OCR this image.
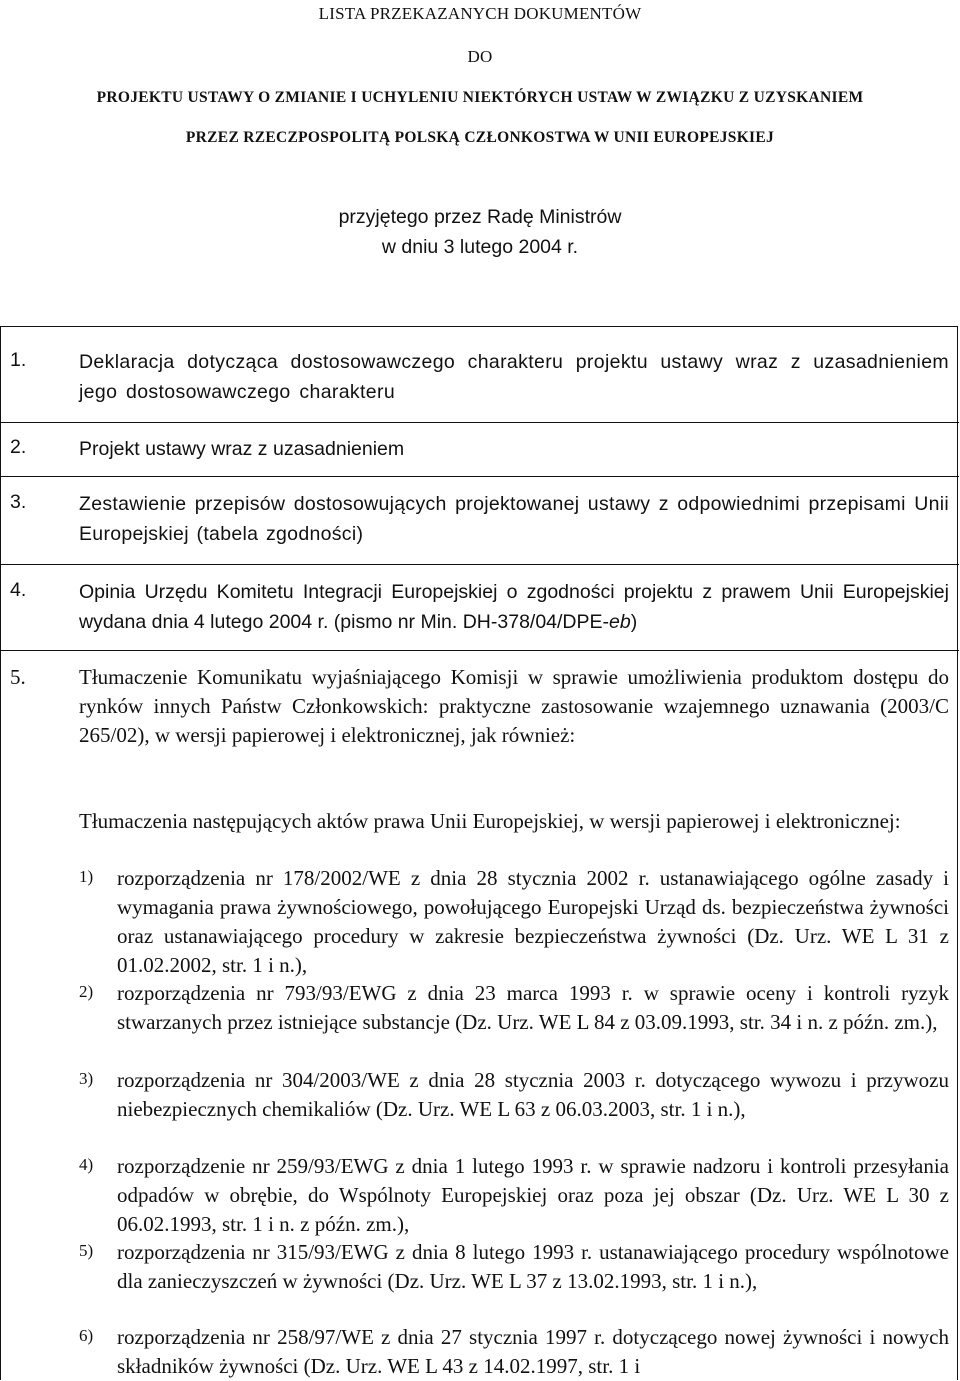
LISTA PRZEKAZANYCH DOKUMENTÓW
DO
PROJEKTU USTAWY O ZMIANIE I UCHYLENIU NIEKTÓRYCH USTAW W ZWIĄZKU Z UZYSKANIEM
PRZEZ RZECZPOSPOLITĄ POLSKĄ CZŁONKOSTWA W UNII EUROPEJSKIEJ
przyjętego przez Radę Ministrów
w dniu 3 lutego 2004 r.
1.	Deklaracja dotycząca dostosowawczego charakteru projektu ustawy wraz z uzasadnieniem jego dostosowawczego charakteru
2.	Projekt ustawy wraz z uzasadnieniem
3.	Zestawienie przepisów dostosowujących projektowanej ustawy z odpowiednimi przepisami Unii Europejskiej (tabela zgodności)
4.	Opinia Urzędu Komitetu Integracji Europejskiej o zgodności projektu z prawem Unii Europejskiej wydana dnia 4 lutego 2004 r. (pismo nr Min. DH-378/04/DPE-eb)
5.	Tłumaczenie Komunikatu wyjaśniającego Komisji w sprawie umożliwienia produktom dostępu do rynków innych Państw Członkowskich: praktyczne zastosowanie wzajemnego uznawania (2003/C 265/02), w wersji papierowej i elektronicznej, jak również:
Tłumaczenia następujących aktów prawa Unii Europejskiej, w wersji papierowej i elektronicznej:
1) rozporządzenia nr 178/2002/WE z dnia 28 stycznia 2002 r. ustanawiającego ogólne zasady i wymagania prawa żywnościowego, powołującego Europejski Urząd ds. bezpieczeństwa żywności oraz ustanawiającego procedury w zakresie bezpieczeństwa żywności (Dz. Urz. WE L 31 z 01.02.2002, str. 1 i n.),
2) rozporządzenia nr 793/93/EWG z dnia 23 marca 1993 r. w sprawie oceny i kontroli ryzyk stwarzanych przez istniejące substancje (Dz. Urz. WE L 84 z 03.09.1993, str. 34 i n. z późn. zm.),
3) rozporządzenia nr 304/2003/WE z dnia 28 stycznia 2003 r. dotyczącego wywozu i przywozu niebezpiecznych chemikaliów (Dz. Urz. WE L 63 z 06.03.2003, str. 1 i n.),
4) rozporządzenie nr 259/93/EWG z dnia 1 lutego 1993 r. w sprawie nadzoru i kontroli przesyłania odpadów w obrębie, do Wspólnoty Europejskiej oraz poza jej obszar (Dz. Urz. WE L 30 z 06.02.1993, str. 1 i n. z późn. zm.),
5) rozporządzenia nr 315/93/EWG z dnia 8 lutego 1993 r. ustanawiającego procedury wspólnotowe dla zanieczyszczeń w żywności (Dz. Urz. WE L 37 z 13.02.1993, str. 1 i n.),
6) rozporządzenia nr 258/97/WE z dnia 27 stycznia 1997 r. dotyczącego nowej żywności i nowych składników żywności (Dz. Urz. WE L 43 z 14.02.1997, str. 1 i
